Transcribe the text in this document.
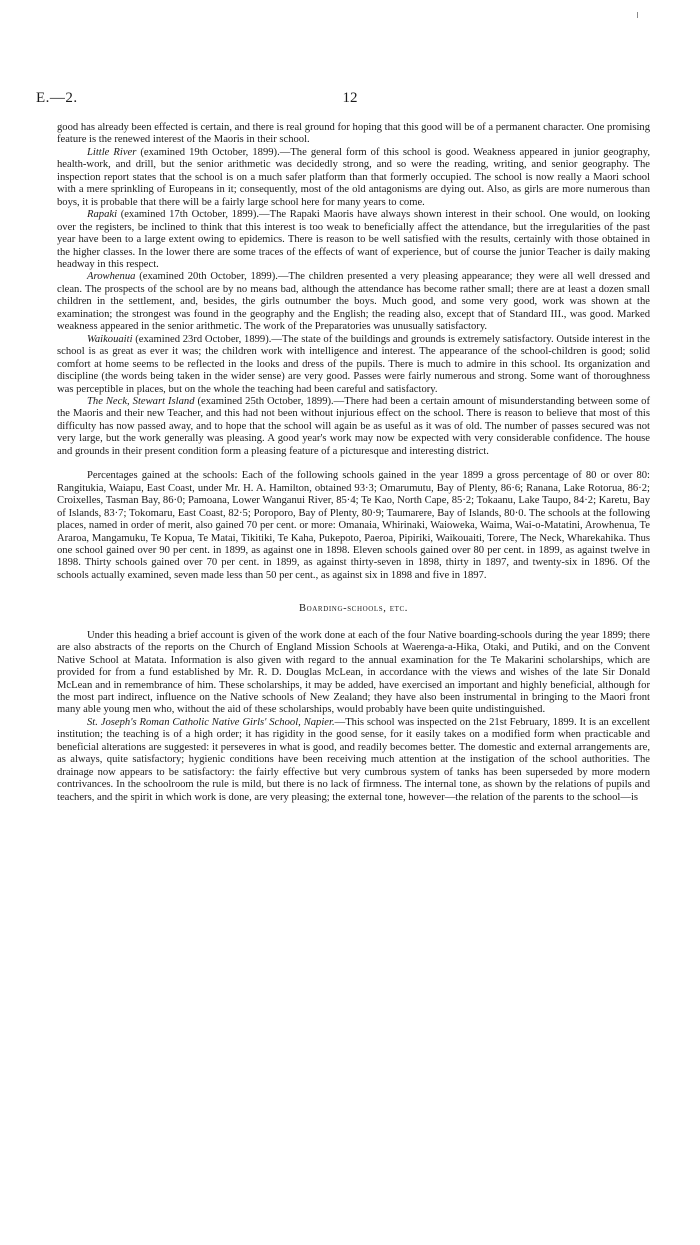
E.—2.	12

good has already been effected is certain, and there is real ground for hoping that this good will be of a permanent character. One promising feature is the renewed interest of the Maoris in their school.

Little River (examined 19th October, 1899).—The general form of this school is good. Weakness appeared in junior geography, health-work, and drill, but the senior arithmetic was decidedly strong, and so were the reading, writing, and senior geography. The inspection report states that the school is on a much safer platform than that formerly occupied. The school is now really a Maori school with a mere sprinkling of Europeans in it; consequently, most of the old antagonisms are dying out. Also, as girls are more numerous than boys, it is probable that there will be a fairly large school here for many years to come.

Rapaki (examined 17th October, 1899).—The Rapaki Maoris have always shown interest in their school. One would, on looking over the registers, be inclined to think that this interest is too weak to beneficially affect the attendance, but the irregularities of the past year have been to a large extent owing to epidemics. There is reason to be well satisfied with the results, certainly with those obtained in the higher classes. In the lower there are some traces of the effects of want of experience, but of course the junior Teacher is daily making headway in this respect.

Arowhenua (examined 20th October, 1899).—The children presented a very pleasing appearance; they were all well dressed and clean. The prospects of the school are by no means bad, although the attendance has become rather small; there are at least a dozen small children in the settlement, and, besides, the girls outnumber the boys. Much good, and some very good, work was shown at the examination; the strongest was found in the geography and the English; the reading also, except that of Standard III., was good. Marked weakness appeared in the senior arithmetic. The work of the Preparatories was unusually satisfactory.

Waikouaiti (examined 23rd October, 1899).—The state of the buildings and grounds is extremely satisfactory. Outside interest in the school is as great as ever it was; the children work with intelligence and interest. The appearance of the school-children is good; solid comfort at home seems to be reflected in the looks and dress of the pupils. There is much to admire in this school. Its organization and discipline (the words being taken in the wider sense) are very good. Passes were fairly numerous and strong. Some want of thoroughness was perceptible in places, but on the whole the teaching had been careful and satisfactory.

The Neck, Stewart Island (examined 25th October, 1899).—There had been a certain amount of misunderstanding between some of the Maoris and their new Teacher, and this had not been without injurious effect on the school. There is reason to believe that most of this difficulty has now passed away, and to hope that the school will again be as useful as it was of old. The number of passes secured was not very large, but the work generally was pleasing. A good year's work may now be expected with very considerable confidence. The house and grounds in their present condition form a pleasing feature of a picturesque and interesting district.

Percentages gained at the schools: Each of the following schools gained in the year 1899 a gross percentage of 80 or over 80: Rangitukia, Waiapu, East Coast, under Mr. H. A. Hamilton, obtained 93·3; Omarumutu, Bay of Plenty, 86·6; Ranana, Lake Rotorua, 86·2; Croixelles, Tasman Bay, 86·0; Pamoana, Lower Wanganui River, 85·4; Te Kao, North Cape, 85·2; Tokaanu, Lake Taupo, 84·2; Karetu, Bay of Islands, 83·7; Tokomaru, East Coast, 82·5; Poroporo, Bay of Plenty, 80·9; Taumarere, Bay of Islands, 80·0. The schools at the following places, named in order of merit, also gained 70 per cent. or more: Omanaia, Whirinaki, Waioweka, Waima, Wai-o-Matatini, Arowhenua, Te Araroa, Mangamuku, Te Kopua, Te Matai, Tikitiki, Te Kaha, Pukepoto, Paeroa, Pipiriki, Waikouaiti, Torere, The Neck, Wharekahika. Thus one school gained over 90 per cent. in 1899, as against one in 1898. Eleven schools gained over 80 per cent. in 1899, as against twelve in 1898. Thirty schools gained over 70 per cent. in 1899, as against thirty-seven in 1898, thirty in 1897, and twenty-six in 1896. Of the schools actually examined, seven made less than 50 per cent., as against six in 1898 and five in 1897.

Boarding-schools, etc.

Under this heading a brief account is given of the work done at each of the four Native boarding-schools during the year 1899; there are also abstracts of the reports on the Church of England Mission Schools at Waerenga-a-Hika, Otaki, and Putiki, and on the Convent Native School at Matata. Information is also given with regard to the annual examination for the Te Makarini scholarships, which are provided for from a fund established by Mr. R. D. Douglas McLean, in accordance with the views and wishes of the late Sir Donald McLean and in remembrance of him. These scholarships, it may be added, have exercised an important and highly beneficial, although for the most part indirect, influence on the Native schools of New Zealand; they have also been instrumental in bringing to the Maori front many able young men who, without the aid of these scholarships, would probably have been quite undistinguished.

St. Joseph's Roman Catholic Native Girls' School, Napier.—This school was inspected on the 21st February, 1899. It is an excellent institution; the teaching is of a high order; it has rigidity in the good sense, for it easily takes on a modified form when practicable and beneficial alterations are suggested: it perseveres in what is good, and readily becomes better. The domestic and external arrangements are, as always, quite satisfactory; hygienic conditions have been receiving much attention at the instigation of the school authorities. The drainage now appears to be satisfactory: the fairly effective but very cumbrous system of tanks has been superseded by more modern contrivances. In the schoolroom the rule is mild, but there is no lack of firmness. The internal tone, as shown by the relations of pupils and teachers, and the spirit in which work is done, are very pleasing; the external tone, however—the relation of the parents to the school—is
